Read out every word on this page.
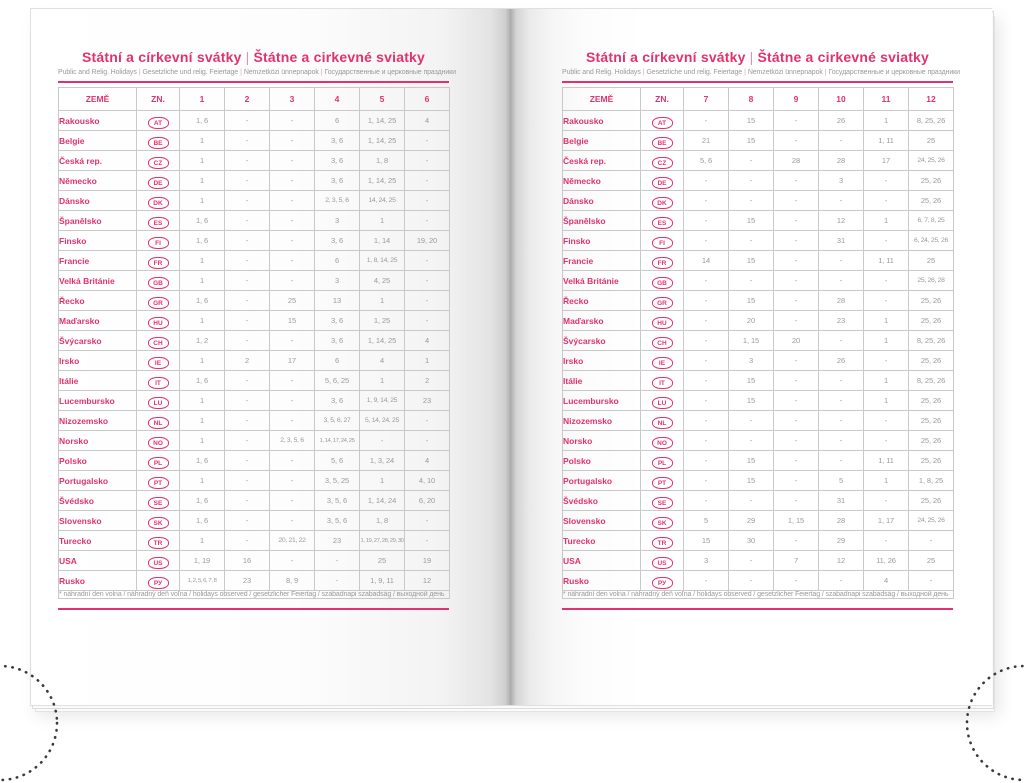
Státní a církevní svátky | Štátne a cirkevné sviatky
Public and Relig. Holidays | Gesetzliche und relig. Feiertage | Nemzetközi ünnepnapok | Государственные и церковные праздники
ZEMĚ	ZN.	1	2	3	4	5	6
Rakousko	AT	1, 6	-	-	6	1, 14, 25	4
Belgie	BE	1	-	-	3, 6	1, 14, 25	-
Česká rep.	CZ	1	-	-	3, 6	1, 8	-
Německo	DE	1	-	-	3, 6	1, 14, 25	-
Dánsko	DK	1	-	-	2, 3, 5, 6	14, 24, 25	-
Španělsko	ES	1, 6	-	-	3	1	-
Finsko	FI	1, 6	-	-	3, 6	1, 14	19, 20
Francie	FR	1	-	-	6	1, 8, 14, 25	-
Velká Británie	GB	1	-	-	3	4, 25	-
Řecko	GR	1, 6	-	25	13	1	-
Maďarsko	HU	1	-	15	3, 6	1, 25	-
Švýcarsko	CH	1, 2	-	-	3, 6	1, 14, 25	4
Irsko	IE	1	2	17	6	4	1
Itálie	IT	1, 6	-	-	5, 6, 25	1	2
Lucembursko	LU	1	-	-	3, 6	1, 9, 14, 25	23
Nizozemsko	NL	1	-	-	3, 5, 6, 27	5, 14, 24, 25	-
Norsko	NO	1	-	2, 3, 5, 6	1, 14, 17, 24, 25	-	-
Polsko	PL	1, 6	-	-	5, 6	1, 3, 24	4
Portugalsko	PT	1	-	-	3, 5, 25	1	4, 10
Švédsko	SE	1, 6	-	-	3, 5, 6	1, 14, 24	6, 20
Slovensko	SK	1, 6	-	-	3, 5, 6	1, 8	-
Turecko	TR	1	-	20, 21, 22	23	1, 19, 27, 28, 29, 30	-
USA	US	1, 19	16	-	-	25	19
Rusko	РУ	1, 2, 5, 6, 7, 8	23	8, 9	-	1, 9, 11	12
* náhradní den volna / náhradný deň voľna / holidays observed / gesetzlicher Feiertag / szabadnapi szabadság / выходной день							
Státní a církevní svátky | Štátne a cirkevné sviatky
Public and Relig. Holidays | Gesetzliche und relig. Feiertage | Nemzetközi ünnepnapok | Государственные и церковные праздники
ZEMĚ	ZN.	7	8	9	10	11	12
Rakousko	AT	-	15	-	26	1	8, 25, 26
Belgie	BE	21	15	-	-	1, 11	25
Česká rep.	CZ	5, 6	-	28	28	17	24, 25, 26
Německo	DE	-	-	-	3	-	25, 26
Dánsko	DK	-	-	-	-	-	25, 26
Španělsko	ES	-	15	-	12	1	6, 7, 8, 25
Finsko	FI	-	-	-	31	-	6, 24, 25, 26
Francie	FR	14	15	-	-	1, 11	25
Velká Británie	GB	-	-	-	-	-	25, 26, 28
Řecko	GR	-	15	-	28	-	25, 26
Maďarsko	HU	-	20	-	23	1	25, 26
Švýcarsko	CH	-	1, 15	20	-	1	8, 25, 26
Irsko	IE	-	3	-	26	-	25, 26
Itálie	IT	-	15	-	-	1	8, 25, 26
Lucembursko	LU	-	15	-	-	1	25, 26
Nizozemsko	NL	-	-	-	-	-	25, 26
Norsko	NO	-	-	-	-	-	25, 26
Polsko	PL	-	15	-	-	1, 11	25, 26
Portugalsko	PT	-	15	-	5	1	1, 8, 25
Švédsko	SE	-	-	-	31	-	25, 26
Slovensko	SK	5	29	1, 15	28	1, 17	24, 25, 26
Turecko	TR	15	30	-	29	-	-
USA	US	3	-	7	12	11, 26	25
Rusko	РУ	-	-	-	-	4	-
* náhradní den volna / náhradný deň voľna / holidays observed / gesetzlicher Feiertag / szabadnapi szabadság / выходной день							
